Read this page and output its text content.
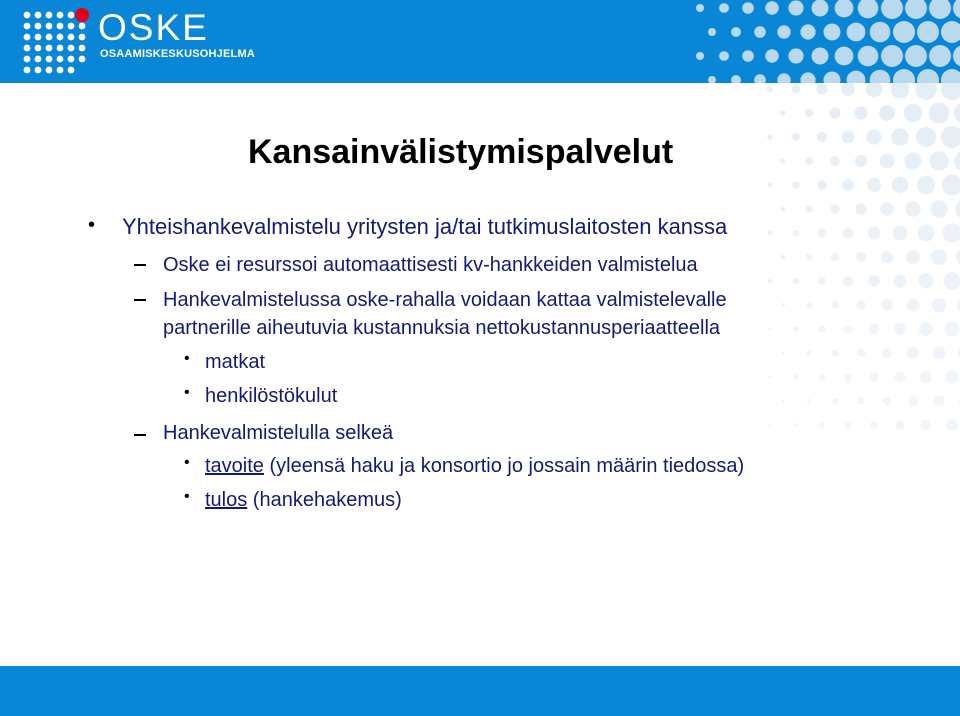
OSKE
OSAAMISKESKUSOHJELMA
Kansainvälistymispalvelut
• Yhteishankevalmistelu yritysten ja/tai tutkimuslaitosten kanssa
Oske ei resurssoi automaattisesti kv-hankkeiden valmistelua
Hankevalmistelussa oske-rahalla voidaan kattaa valmistelevalle
partnerille aiheutuvia kustannuksia nettokustannusperiaatteella
• matkat
• henkilöstökulut
Hankevalmistelulla selkeä
• tavoite (yleensä haku ja konsortio jo jossain määrin tiedossa)
• tulos (hankehakemus)
